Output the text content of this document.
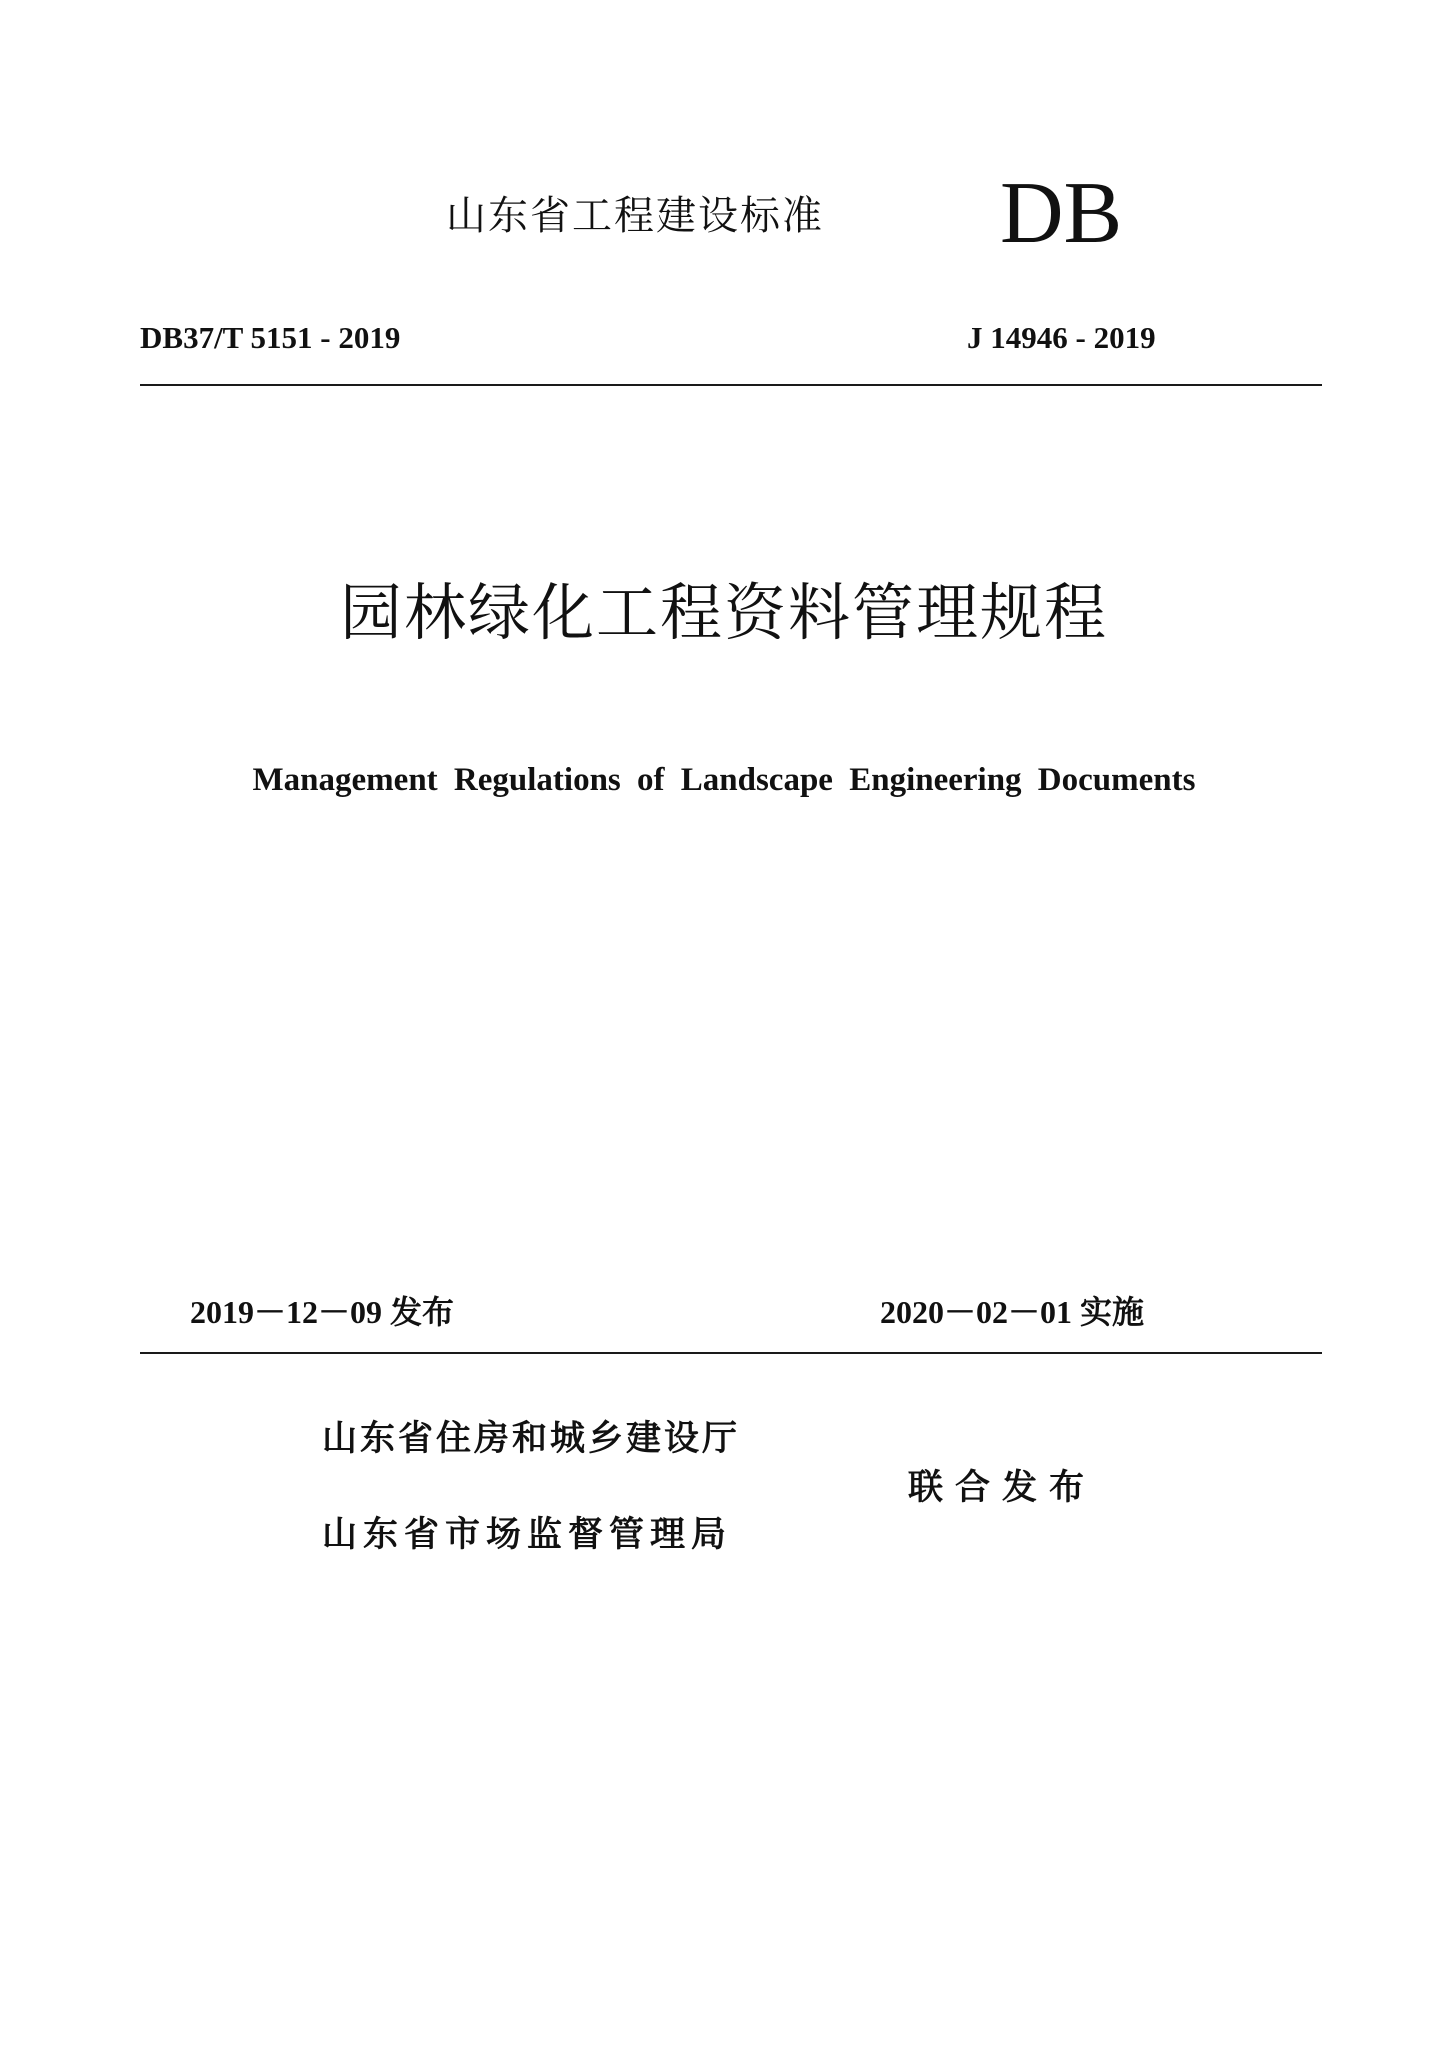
山东省工程建设标准 DB
DB37/T 5151 - 2019	J 14946 - 2019
园林绿化工程资料管理规程
Management Regulations of Landscape Engineering Documents
2019－12－09 发布	2020－02－01 实施
山东省住房和城乡建设厅
山东省市场监督管理局
联合发布
